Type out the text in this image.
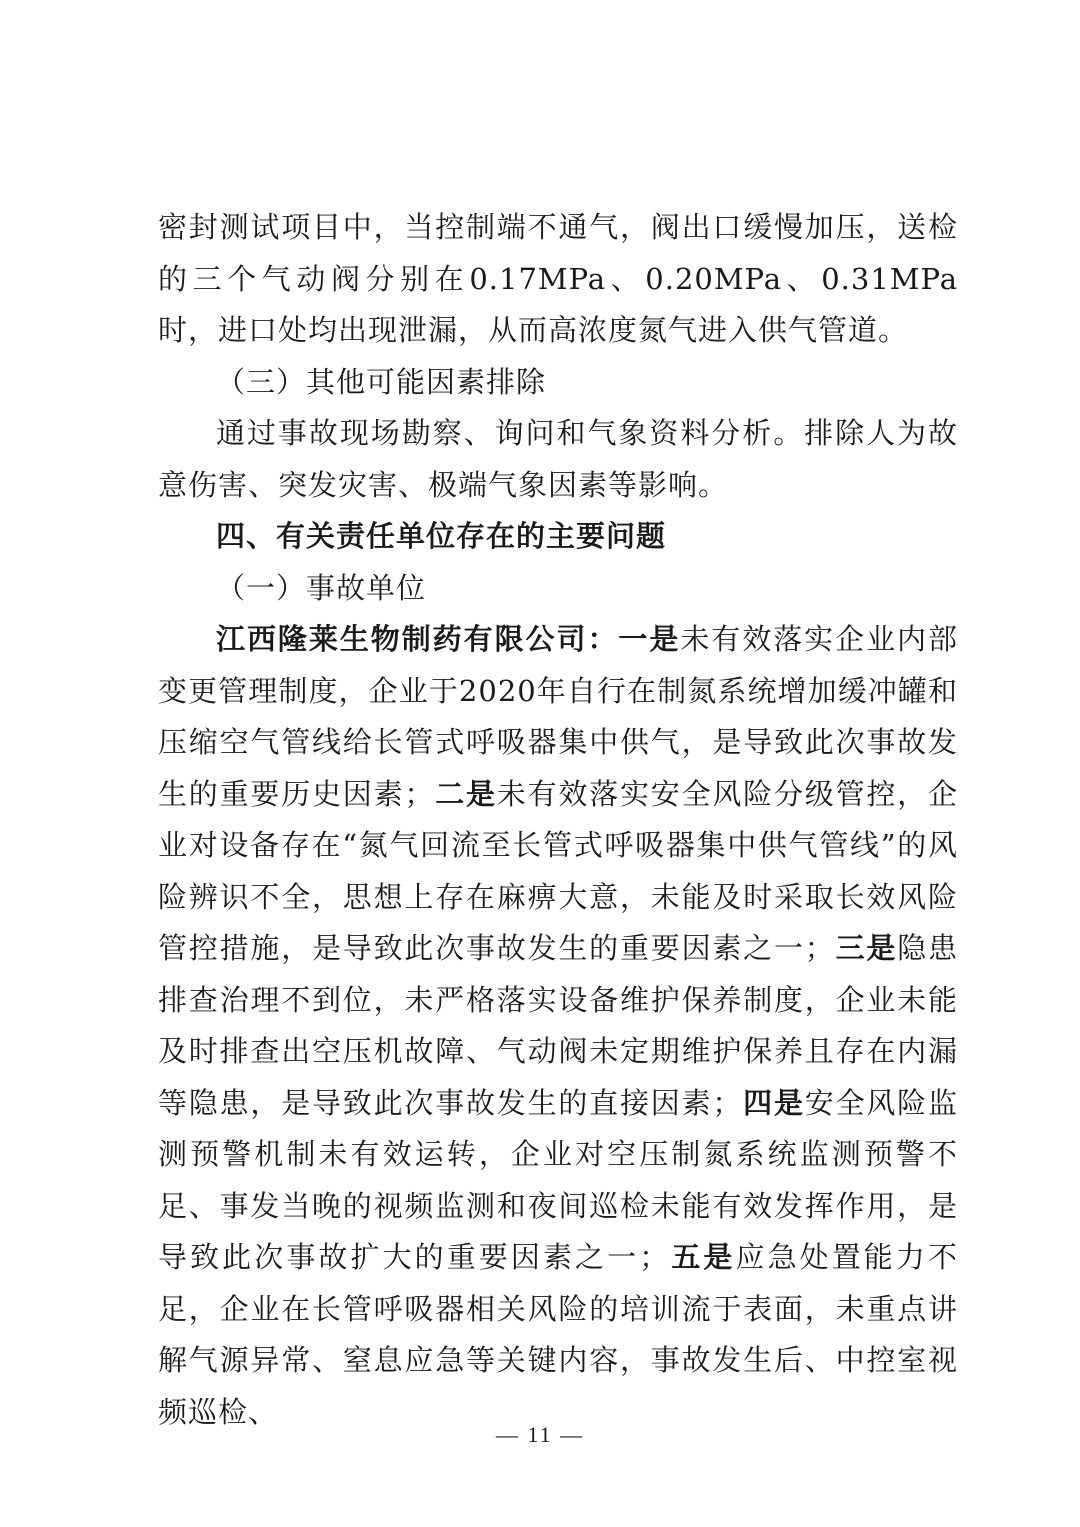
密封测试项目中，当控制端不通气，阀出口缓慢加压，送检的三个气动阀分别在0.17MPa、0.20MPa、0.31MPa时，进口处均出现泄漏，从而高浓度氮气进入供气管道。

（三）其他可能因素排除

通过事故现场勘察、询问和气象资料分析。排除人为故意伤害、突发灾害、极端气象因素等影响。

四、有关责任单位存在的主要问题

（一）事故单位

江西隆莱生物制药有限公司：一是未有效落实企业内部变更管理制度，企业于2020年自行在制氮系统增加缓冲罐和压缩空气管线给长管式呼吸器集中供气，是导致此次事故发生的重要历史因素；二是未有效落实安全风险分级管控，企业对设备存在“氮气回流至长管式呼吸器集中供气管线”的风险辨识不全，思想上存在麻痹大意，未能及时采取长效风险管控措施，是导致此次事故发生的重要因素之一；三是隐患排查治理不到位，未严格落实设备维护保养制度，企业未能及时排查出空压机故障、气动阀未定期维护保养且存在内漏等隐患，是导致此次事故发生的直接因素；四是安全风险监测预警机制未有效运转，企业对空压制氮系统监测预警不足、事发当晚的视频监测和夜间巡检未能有效发挥作用，是导致此次事故扩大的重要因素之一；五是应急处置能力不足，企业在长管呼吸器相关风险的培训流于表面，未重点讲解气源异常、窒息应急等关键内容，事故发生后、中控室视频巡检、

— 11 —
